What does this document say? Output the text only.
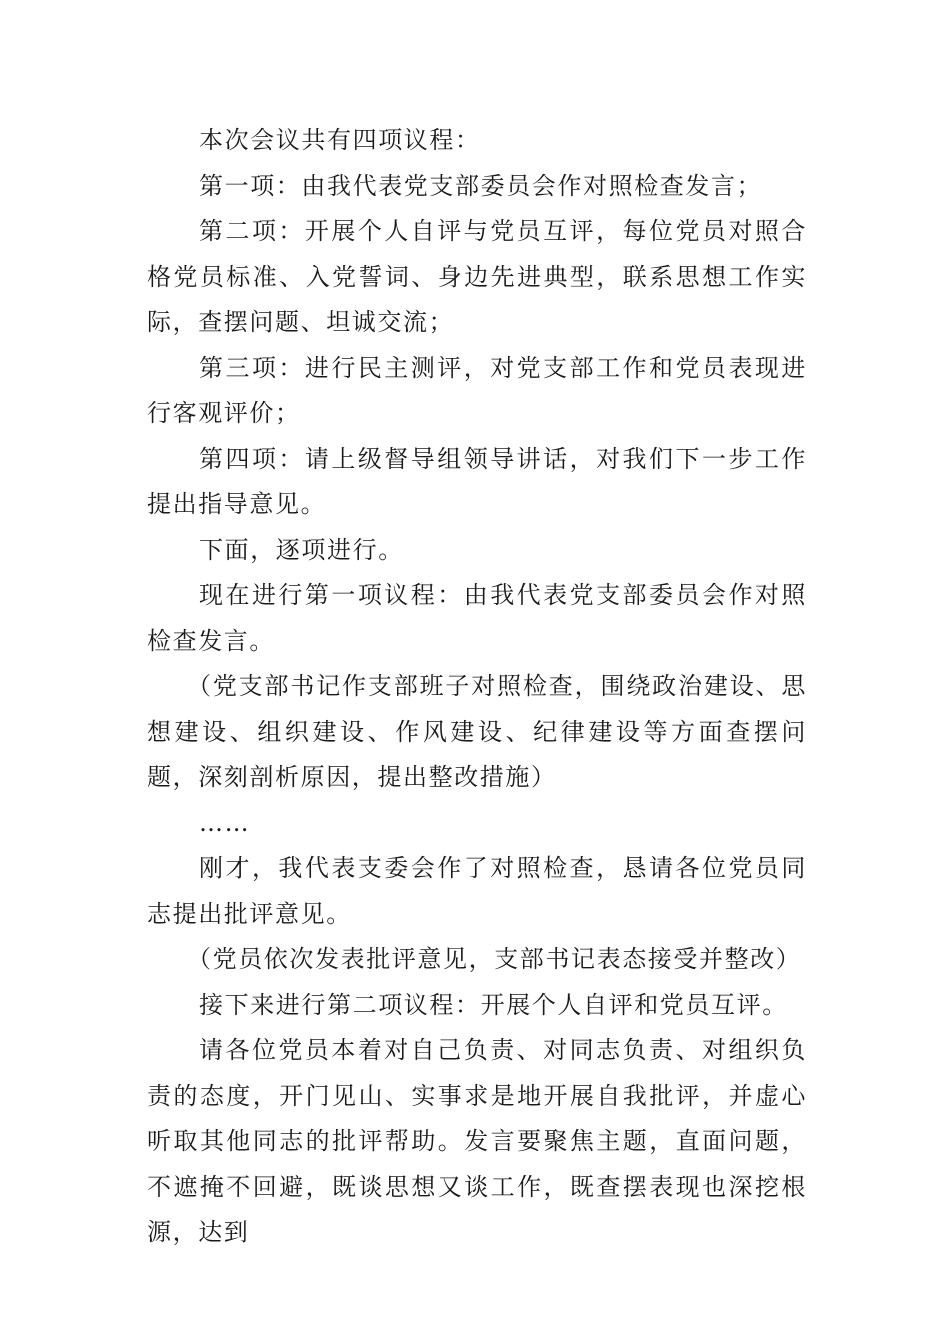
本次会议共有四项议程：

第一项：由我代表党支部委员会作对照检查发言；

第二项：开展个人自评与党员互评，每位党员对照合格党员标准、入党誓词、身边先进典型，联系思想工作实际，查摆问题、坦诚交流；

第三项：进行民主测评，对党支部工作和党员表现进行客观评价；

第四项：请上级督导组领导讲话，对我们下一步工作提出指导意见。

下面，逐项进行。

现在进行第一项议程：由我代表党支部委员会作对照检查发言。

（党支部书记作支部班子对照检查，围绕政治建设、思想建设、组织建设、作风建设、纪律建设等方面查摆问题，深刻剖析原因，提出整改措施）

……

刚才，我代表支委会作了对照检查，恳请各位党员同志提出批评意见。

（党员依次发表批评意见，支部书记表态接受并整改）

接下来进行第二项议程：开展个人自评和党员互评。

请各位党员本着对自己负责、对同志负责、对组织负责的态度，开门见山、实事求是地开展自我批评，并虚心听取其他同志的批评帮助。发言要聚焦主题，直面问题，不遮掩不回避，既谈思想又谈工作，既查摆表现也深挖根源，达到
